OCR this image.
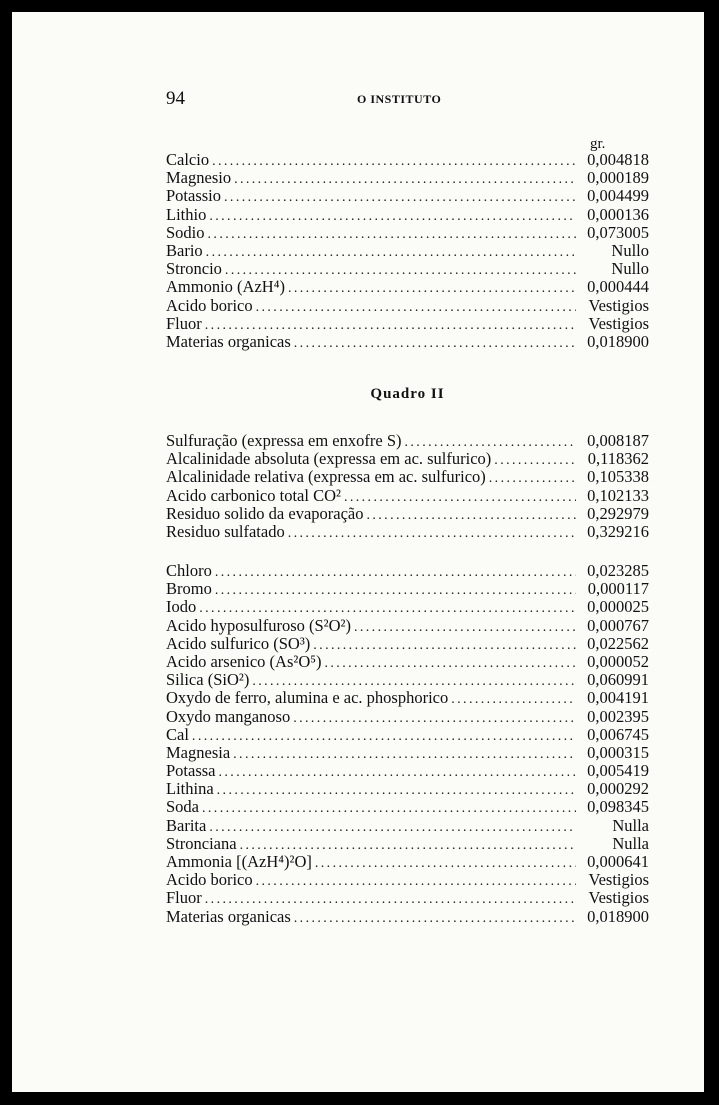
94	O INSTITUTO
gr.
Calcio .....	0,004818
Magnesio .....	0,000189
Potassio .....	0,004499
Lithio .....	0,000136
Sodio .....	0,073005
Bario .....	Nullo
Stroncio .....	Nullo
Ammonio (AzH⁴) .....	0,000444
Acido borico .....	Vestigios
Fluor .....	Vestigios
Materias organicas .....	0,018900
Quadro II
Sulfuração (expressa em enxofre S) .....	0,008187
Alcalinidade absoluta (expressa em ac. sulfurico) .....	0,118362
Alcalinidade relativa (expressa em ac. sulfurico) .....	0,105338
Acido carbonico total CO² .....	0,102133
Residuo solido da evaporação .....	0,292979
Residuo sulfatado .....	0,329216
Chloro .....	0,023285
Bromo .....	0,000117
Iodo .....	0,000025
Acido hyposulfuroso (S²O²) .....	0,000767
Acido sulfurico (SO³) .....	0,022562
Acido arsenico (As²O⁵) .....	0,000052
Silica (SiO²) .....	0,060991
Oxydo de ferro, alumina e ac. phosphorico .....	0,004191
Oxydo manganoso .....	0,002395
Cal .....	0,006745
Magnesia .....	0,000315
Potassa .....	0,005419
Lithina .....	0,000292
Soda .....	0,098345
Barita .....	Nulla
Stronciana .....	Nulla
Ammonia [(AzH⁴)²O] .....	0,000641
Acido borico .....	Vestigios
Fluor .....	Vestigios
Materias organicas .....	0,018900
